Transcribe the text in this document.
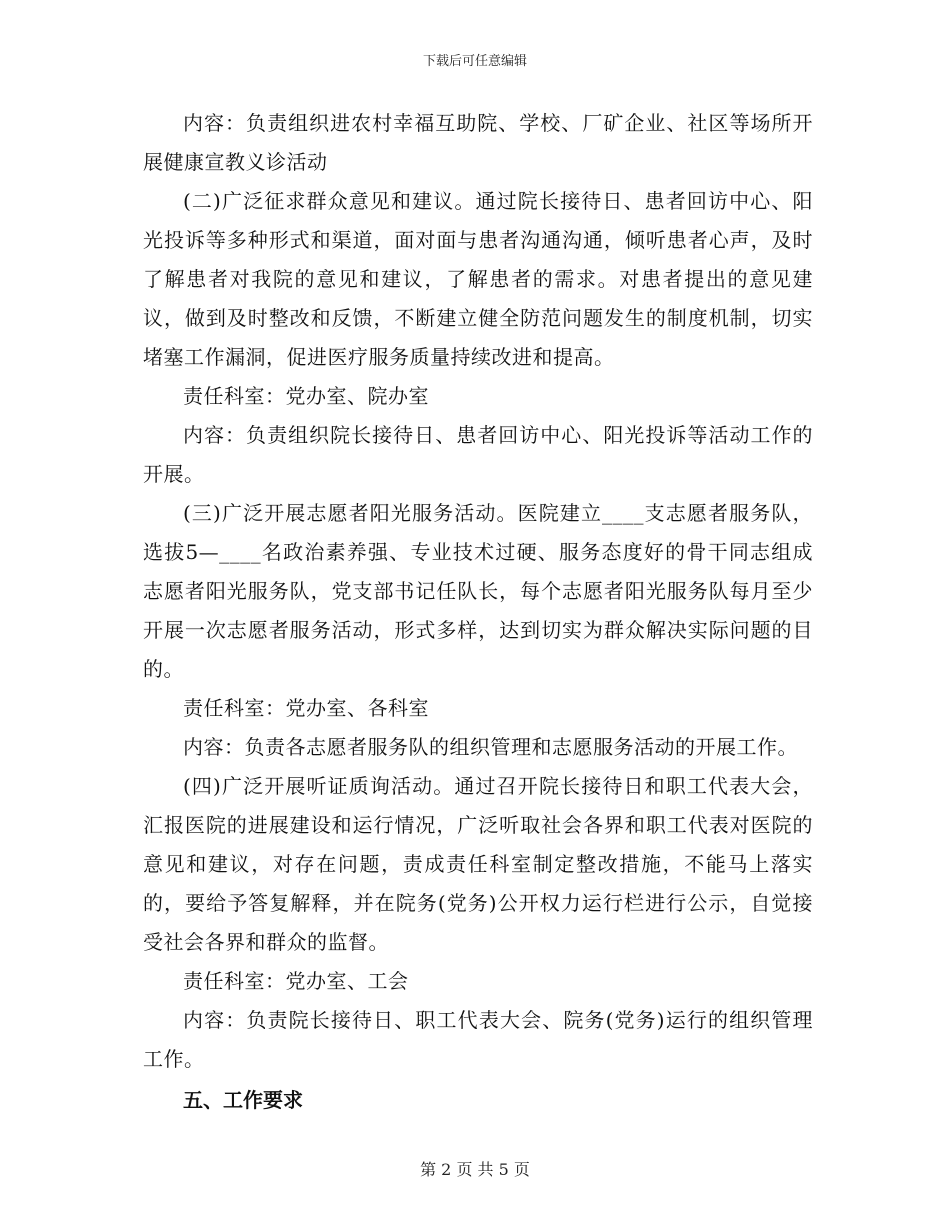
下载后可任意编辑

内容：负责组织进农村幸福互助院、学校、厂矿企业、社区等场所开展健康宣教义诊活动

(二)广泛征求群众意见和建议。通过院长接待日、患者回访中心、阳光投诉等多种形式和渠道，面对面与患者沟通沟通，倾听患者心声，及时了解患者对我院的意见和建议，了解患者的需求。对患者提出的意见建议，做到及时整改和反馈，不断建立健全防范问题发生的制度机制，切实堵塞工作漏洞，促进医疗服务质量持续改进和提高。

责任科室：党办室、院办室

内容：负责组织院长接待日、患者回访中心、阳光投诉等活动工作的开展。

(三)广泛开展志愿者阳光服务活动。医院建立____支志愿者服务队，选拔5—____名政治素养强、专业技术过硬、服务态度好的骨干同志组成志愿者阳光服务队，党支部书记任队长，每个志愿者阳光服务队每月至少开展一次志愿者服务活动，形式多样，达到切实为群众解决实际问题的目的。

责任科室：党办室、各科室

内容：负责各志愿者服务队的组织管理和志愿服务活动的开展工作。

(四)广泛开展听证质询活动。通过召开院长接待日和职工代表大会，汇报医院的进展建设和运行情况，广泛听取社会各界和职工代表对医院的意见和建议，对存在问题，责成责任科室制定整改措施，不能马上落实的，要给予答复解释，并在院务(党务)公开权力运行栏进行公示，自觉接受社会各界和群众的监督。

责任科室：党办室、工会

内容：负责院长接待日、职工代表大会、院务(党务)运行的组织管理工作。

五、工作要求

第 2 页 共 5 页
